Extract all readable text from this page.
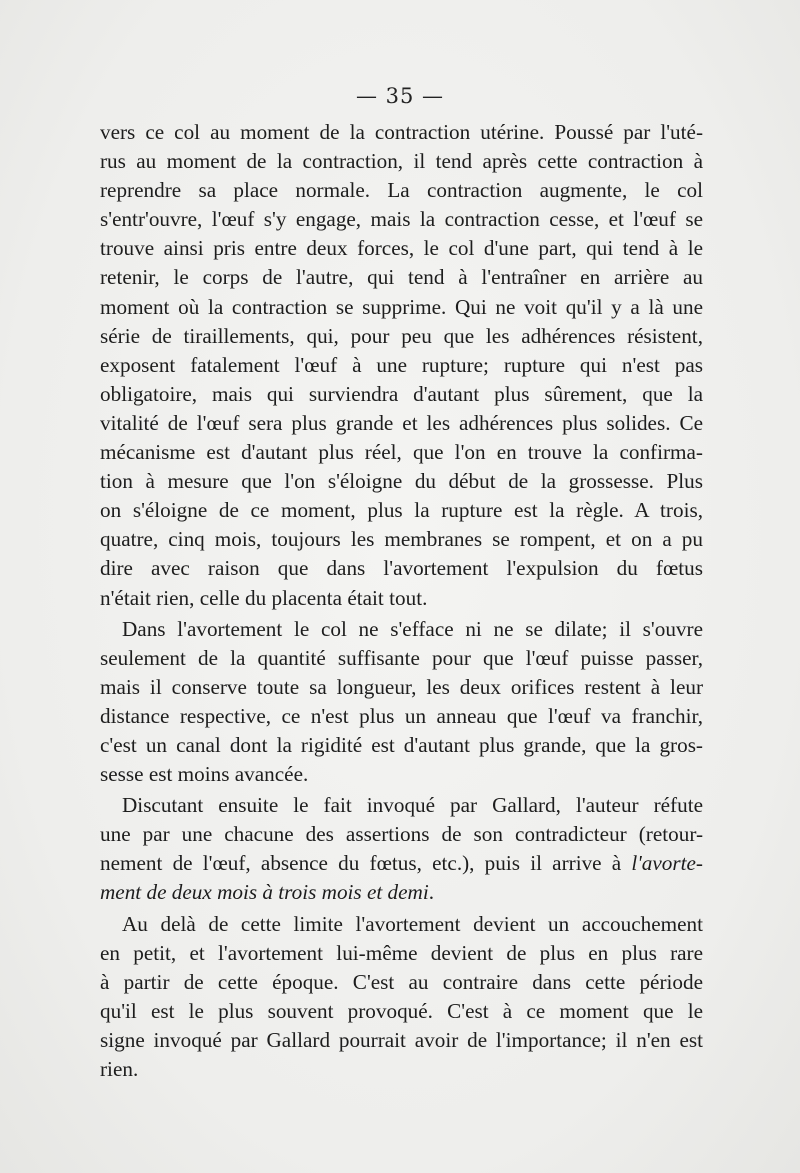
— 35 —
vers ce col au moment de la contraction utérine. Poussé par l'uté-
rus au moment de la contraction, il tend après cette contraction à
reprendre sa place normale. La contraction augmente, le col
s'entr'ouvre, l'œuf s'y engage, mais la contraction cesse, et l'œuf se
trouve ainsi pris entre deux forces, le col d'une part, qui tend à le
retenir, le corps de l'autre, qui tend à l'entraîner en arrière au
moment où la contraction se supprime. Qui ne voit qu'il y a là une
série de tiraillements, qui, pour peu que les adhérences résistent,
exposent fatalement l'œuf à une rupture; rupture qui n'est pas
obligatoire, mais qui surviendra d'autant plus sûrement, que la
vitalité de l'œuf sera plus grande et les adhérences plus solides. Ce
mécanisme est d'autant plus réel, que l'on en trouve la confirma-
tion à mesure que l'on s'éloigne du début de la grossesse. Plus
on s'éloigne de ce moment, plus la rupture est la règle. A trois,
quatre, cinq mois, toujours les membranes se rompent, et on a pu
dire avec raison que dans l'avortement l'expulsion du fœtus
n'était rien, celle du placenta était tout.
Dans l'avortement le col ne s'efface ni ne se dilate; il s'ouvre
seulement de la quantité suffisante pour que l'œuf puisse passer,
mais il conserve toute sa longueur, les deux orifices restent à leur
distance respective, ce n'est plus un anneau que l'œuf va franchir,
c'est un canal dont la rigidité est d'autant plus grande, que la gros-
sesse est moins avancée.
Discutant ensuite le fait invoqué par Gallard, l'auteur réfute
une par une chacune des assertions de son contradicteur (retour-
nement de l'œuf, absence du fœtus, etc.), puis il arrive à l'avorte-
ment de deux mois à trois mois et demi.
Au delà de cette limite l'avortement devient un accouchement
en petit, et l'avortement lui-même devient de plus en plus rare
à partir de cette époque. C'est au contraire dans cette période
qu'il est le plus souvent provoqué. C'est à ce moment que le
signe invoqué par Gallard pourrait avoir de l'importance; il n'en est
rien.
